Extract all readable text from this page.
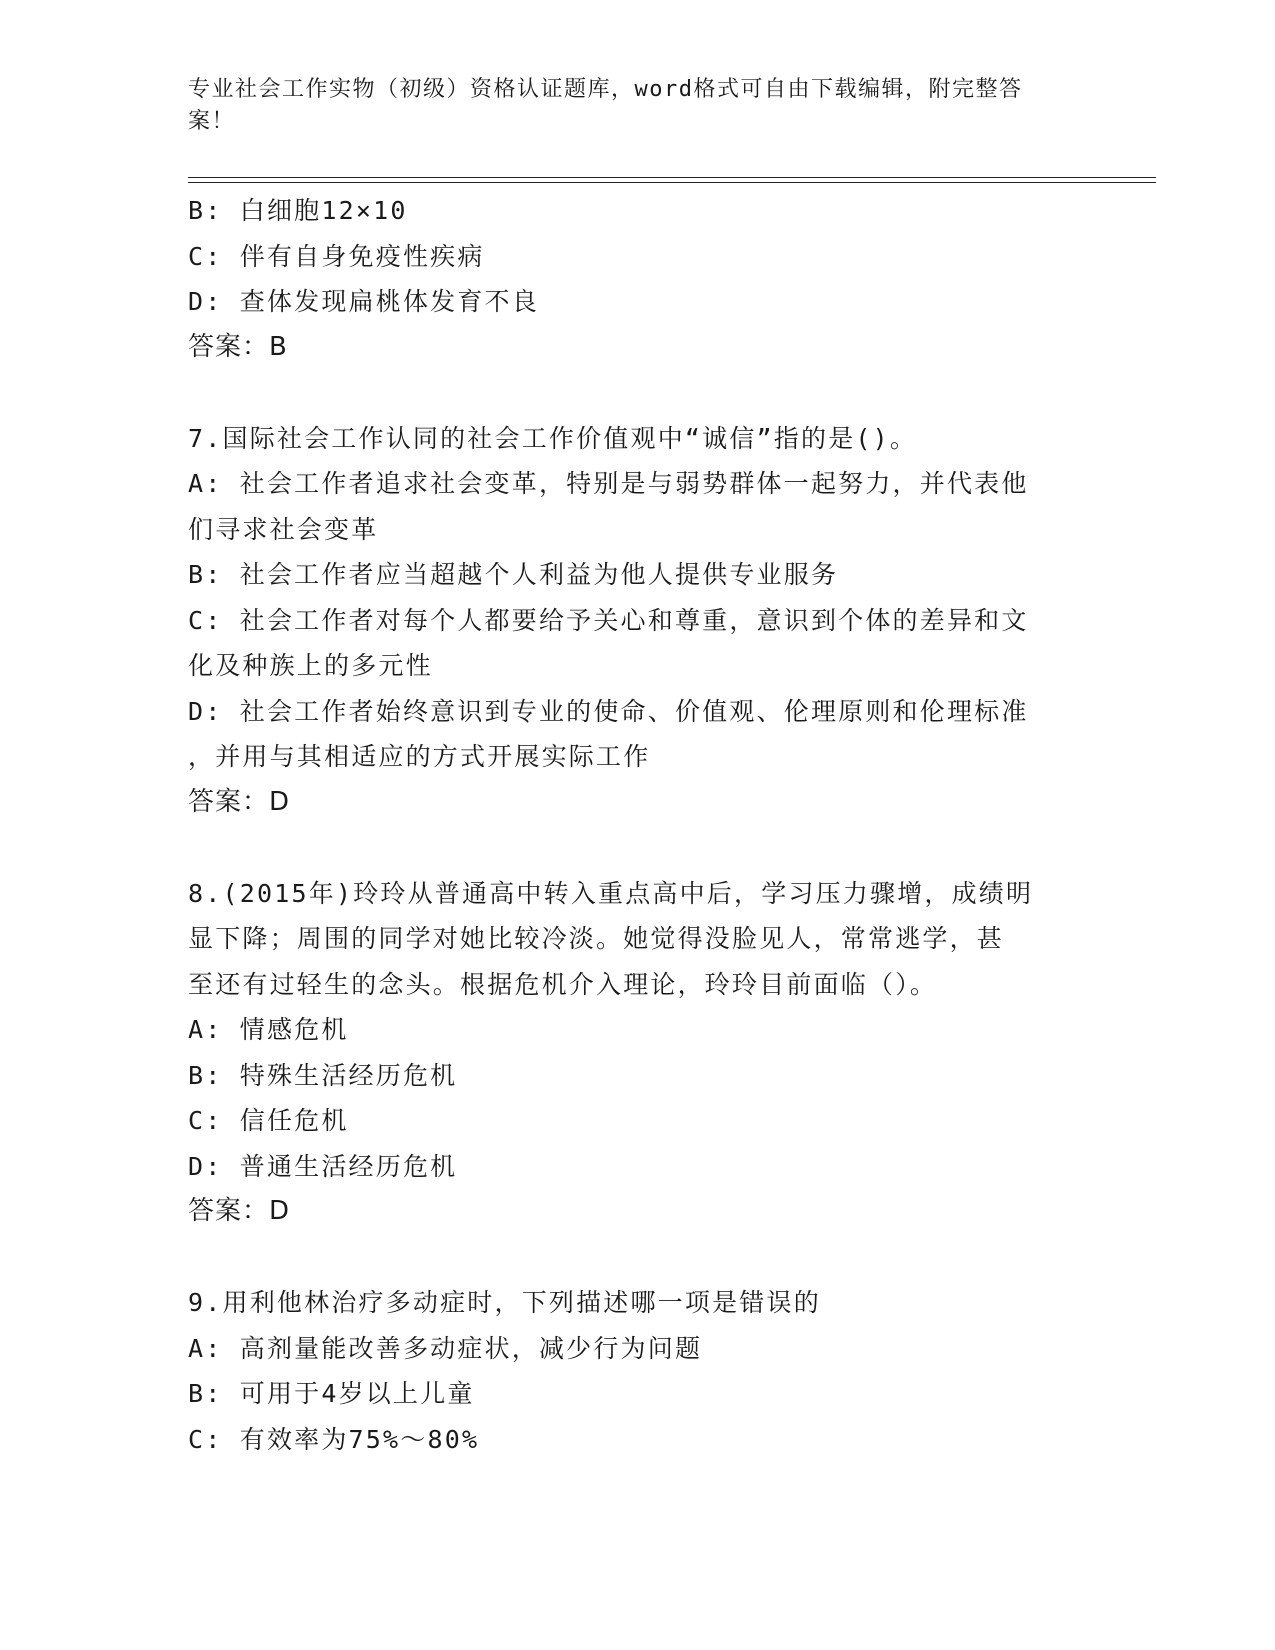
专业社会工作实物（初级）资格认证题库，word格式可自由下载编辑，附完整答
案！
B: 白细胞12×10
C: 伴有自身免疫性疾病
D: 查体发现扁桃体发育不良
答案：B
7.国际社会工作认同的社会工作价值观中“诚信”指的是()。
A: 社会工作者追求社会变革，特别是与弱势群体一起努力，并代表他
们寻求社会变革
B: 社会工作者应当超越个人利益为他人提供专业服务
C: 社会工作者对每个人都要给予关心和尊重，意识到个体的差异和文
化及种族上的多元性
D: 社会工作者始终意识到专业的使命、价值观、伦理原则和伦理标准
，并用与其相适应的方式开展实际工作
答案：D
8.(2015年)玲玲从普通高中转入重点高中后，学习压力骤增，成绩明
显下降；周围的同学对她比较冷淡。她觉得没脸见人，常常逃学，甚
至还有过轻生的念头。根据危机介入理论，玲玲目前面临（）。
A: 情感危机
B: 特殊生活经历危机
C: 信任危机
D: 普通生活经历危机
答案：D
9.用利他林治疗多动症时，下列描述哪一项是错误的
A: 高剂量能改善多动症状，减少行为问题
B: 可用于4岁以上儿童
C: 有效率为75%～80%
